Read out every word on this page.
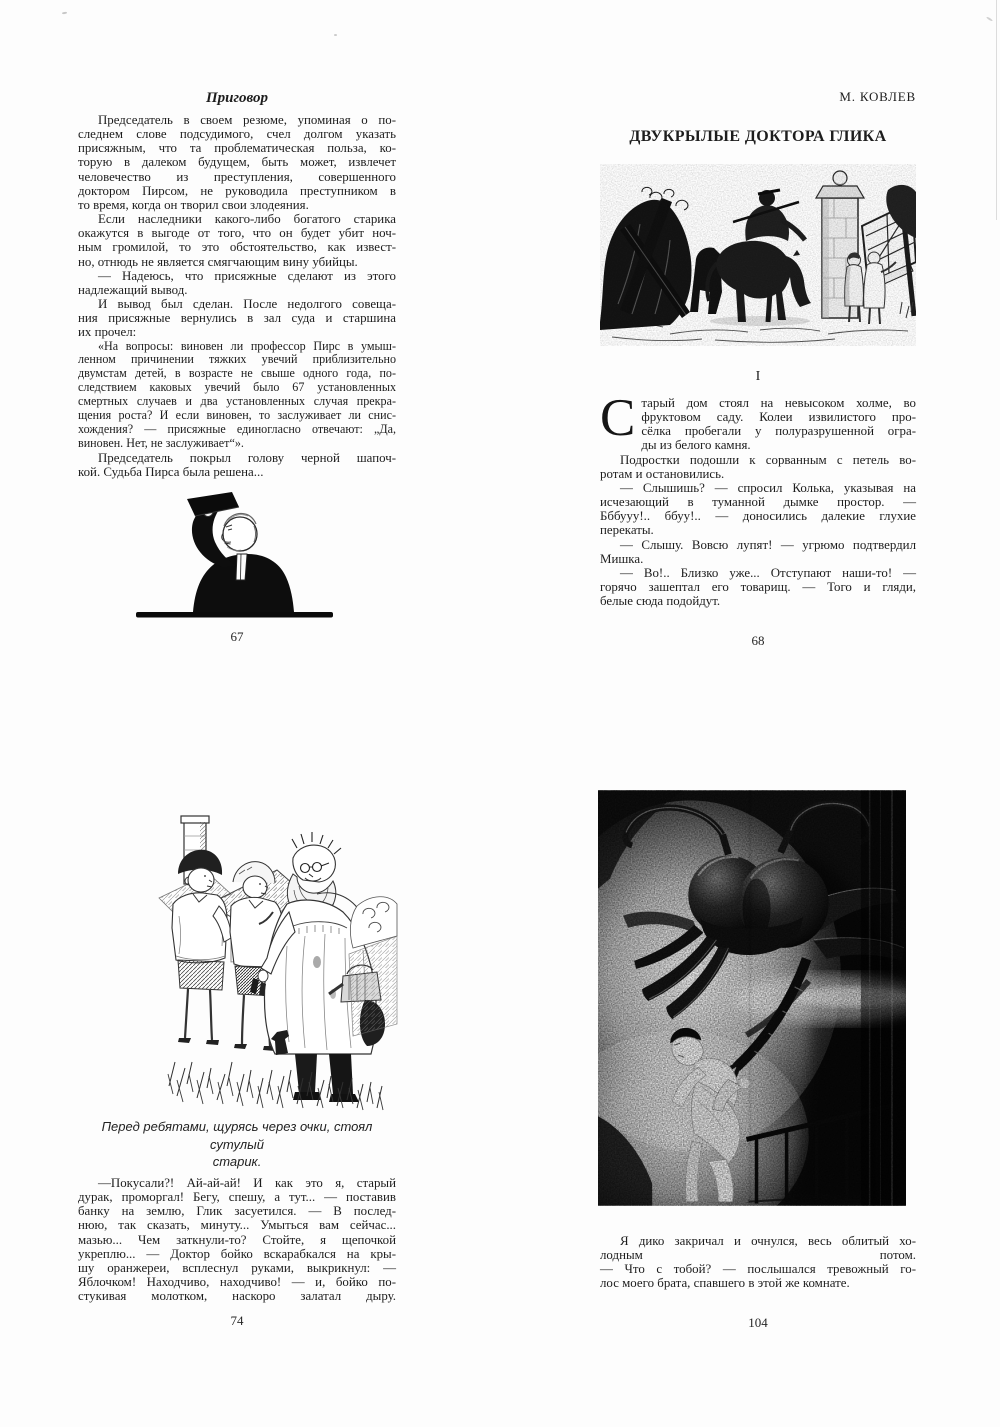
Приговор
Председатель в своем резюме, упоминая о по-
следнем слове подсудимого, счел долгом указать
присяжным, что та проблематическая польза, ко-
торую в далеком будущем, быть может, извлечет
человечество из преступления, совершенного
доктором Пирсом, не руководила преступником в
то время, когда он творил свои злодеяния.
Если наследники какого-либо богатого старика
окажутся в выгоде от того, что он будет убит ноч-
ным громилой, то это обстоятельство, как извест-
но, отнюдь не является смягчающим вину убийцы.
— Надеюсь, что присяжные сделают из этого
надлежащий вывод.
И вывод был сделан. После недолгого совеща-
ния присяжные вернулись в зал суда и старшина
их прочел:
«На вопросы: виновен ли профессор Пирс в умыш-
ленном причинении тяжких увечий приблизительно
двумстам детей, в возрасте не свыше одного года, по-
следствием каковых увечий было 67 установленных
смертных случаев и два установленных случая прекра-
щения роста? И если виновен, то заслуживает ли снис-
хождения? — присяжные единогласно отвечают: „Да,
виновен. Нет, не заслуживает“».
Председатель покрыл голову черной шапоч-
кой. Судьба Пирса была решена...
67
М. КОВЛЕВ
ДВУКРЫЛЫЕ ДОКТОРА ГЛИКА
I
С тарый дом стоял на невысоком холме, во
фруктовом саду. Колеи извилистого про-
сёлка пробегали у полуразрушенной огра-
ды из белого камня.
Подростки подошли к сорванным с петель во-
ротам и остановились.
— Слышишь? — спросил Колька, указывая на
исчезающий в туманной дымке простор. —
Бббууу!.. ббуу!.. — доносились далекие глухие
перекаты.
— Слышу. Вовсю лупят! — угрюмо подтвердил
Мишка.
— Во!.. Близко уже... Отступают наши-то! —
горячо зашептал его товарищ. — Того и гляди,
белые сюда подойдут.
68
Перед ребятами, щурясь через очки, стоял сутулый
старик.
—Покусали?! Ай-ай-ай! И как это я, старый
дурак, проморгал! Бегу, спешу, а тут... — поставив
банку на землю, Глик засуетился. — В послед-
нюю, так сказать, минуту... Умыться вам сейчас...
мазью... Чем заткнули-то? Стойте, я щепочкой
укреплю... — Доктор бойко вскарабкался на кры-
шу оранжереи, всплеснул руками, выкрикнул: —
Яблочком! Находчиво, находчиво! — и, бойко по-
стукивая молотком, наскоро залатал дыру.
74
Я дико закричал и очнулся, весь облитый хо-
лодным потом.
— Что с тобой? — послышался тревожный го-
лос моего брата, спавшего в этой же комнате.
104
